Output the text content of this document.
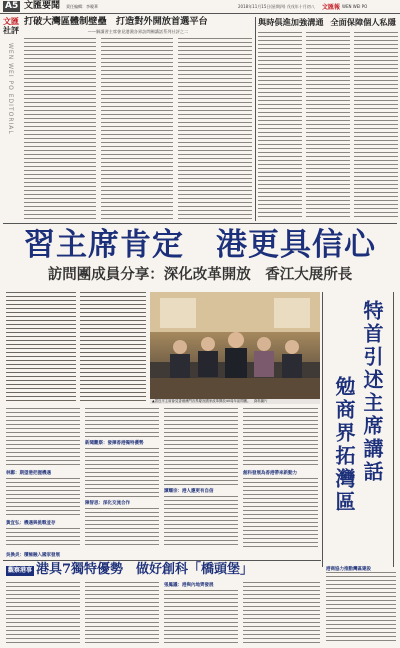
A5 文匯要聞 責任編輯：李曉華	2018年11月15日(星期四) 戊戌年十月初八 文匯報 WEN WEI PO
文匯
社評
WEN WEI PO EDITORIAL
打破大灣區體制壁壘　打造對外開放首選平台
——解讀習主席會見港澳各界訪問團講話系列社評之二
與時俱進加強溝通 全面保障個人私隱
習主席肯定　港更具信心
訪問團成員分享：深化改革開放　香江大展所長
▲習近平主席會見香港澳門各界慶祝國家改革開放40周年訪問團。　資料圖片	特首引述主席講話
勉商界拓灣區
林鄭：期望港把握機遇
黃宜弘：機遇與挑戰並存
新聞觀察：發揮香港獨特優勢
陳智思：深化交流合作
譚耀宗：港人應更有自信
創科發展為香港帶來新動力
吳換炎：積極融入國家發展
觀察港事 港具7獨特優勢　做好創科「橋頭堡」
張鳳議：港與內地齊發展
港商協力推動灣區建設
